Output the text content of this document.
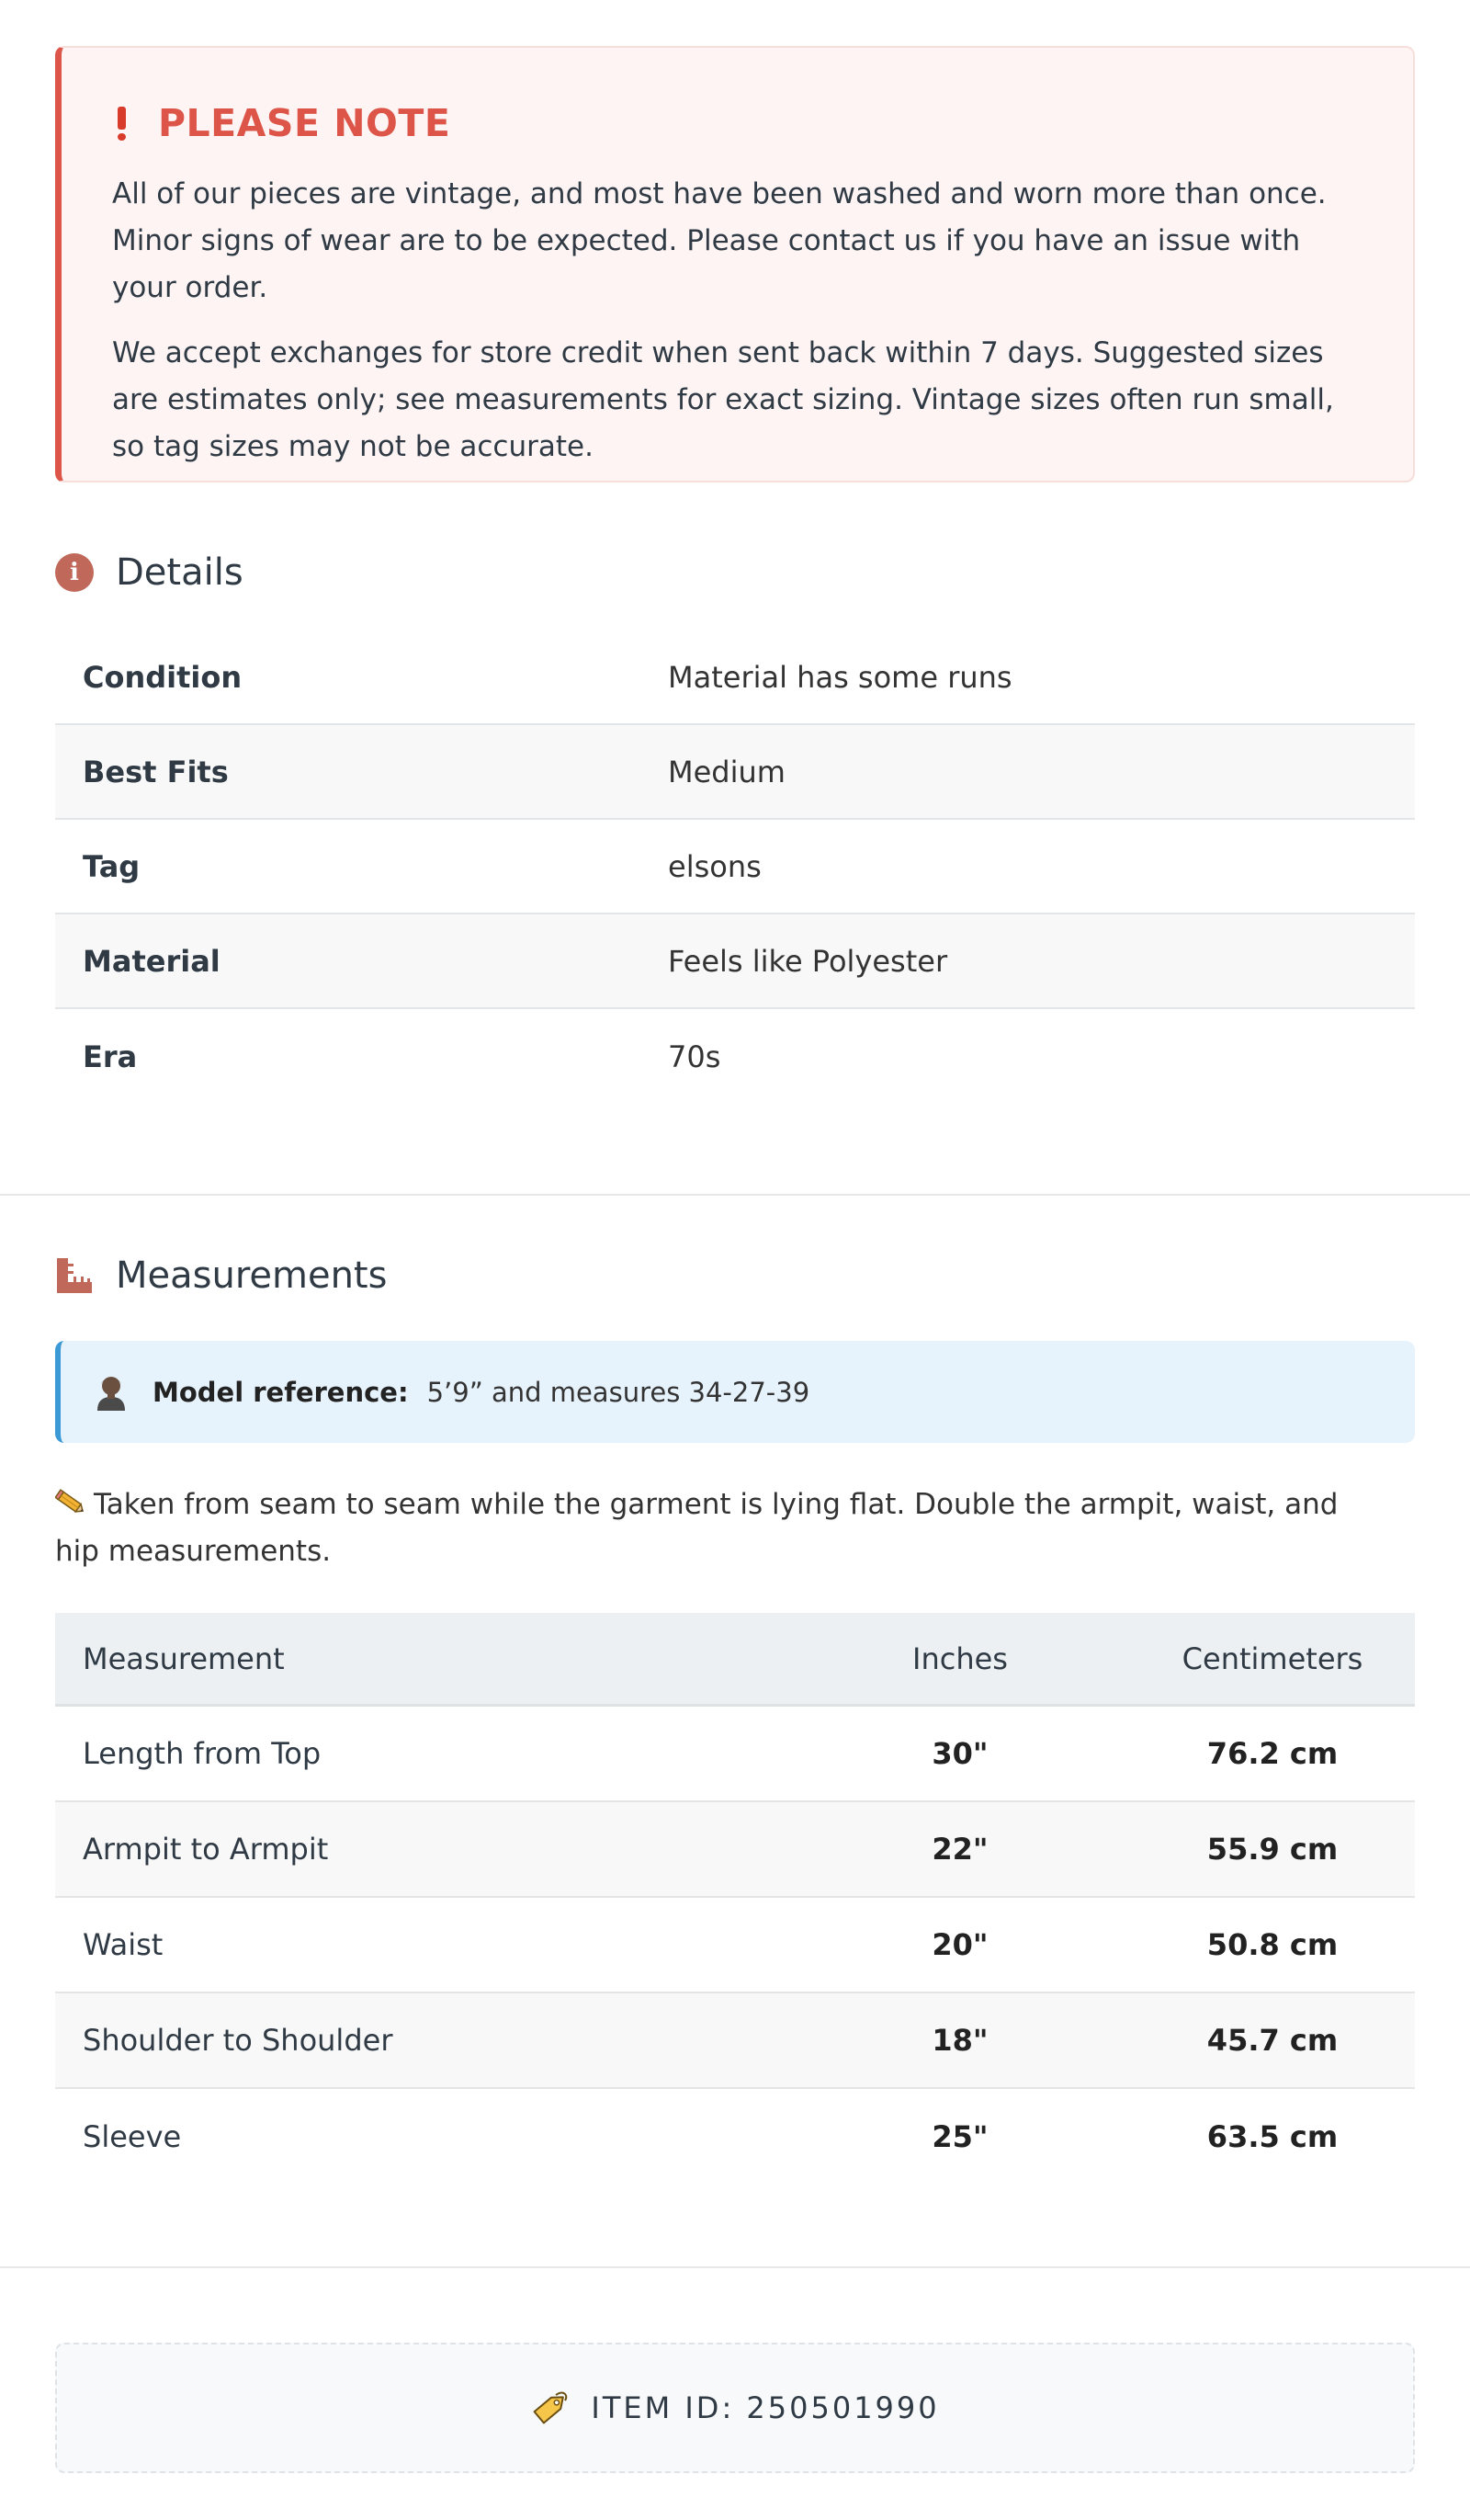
PLEASE NOTE

All of our pieces are vintage, and most have been washed and worn more than once. Minor signs of wear are to be expected. Please contact us if you have an issue with your order.

We accept exchanges for store credit when sent back within 7 days. Suggested sizes are estimates only; see measurements for exact sizing. Vintage sizes often run small, so tag sizes may not be accurate.

i	Details
Condition	Material has some runs
Best Fits	Medium
Tag	elsons
Material	Feels like Polyester
Era	70s
Measurements
Model reference: 5’9” and measures 34-27-39
Taken from seam to seam while the garment is lying flat. Double the armpit, waist, and hip measurements.
Measurement	Inches	Centimeters
Length from Top	30"	76.2 cm
Armpit to Armpit	22"	55.9 cm
Waist	20"	50.8 cm
Shoulder to Shoulder	18"	45.7 cm
Sleeve	25"	63.5 cm
ITEM ID: 250501990
